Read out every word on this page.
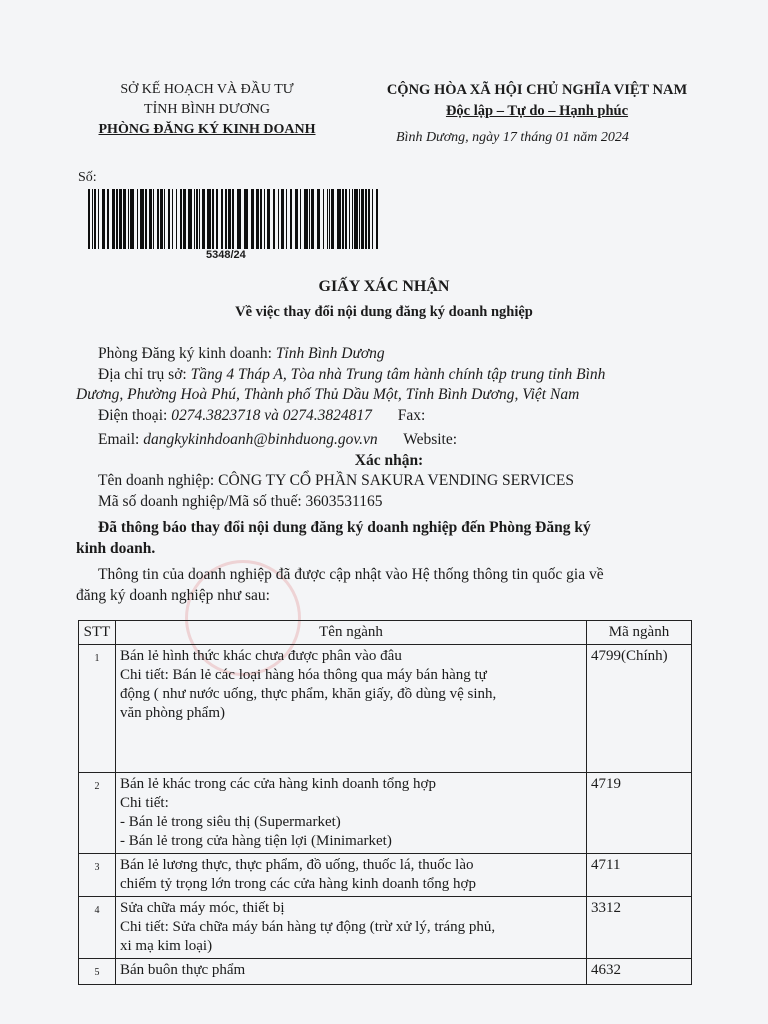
SỞ KẾ HOẠCH VÀ ĐẦU TƯ
TỈNH BÌNH DƯƠNG
PHÒNG ĐĂNG KÝ KINH DOANH
CỘNG HÒA XÃ HỘI CHỦ NGHĨA VIỆT NAM
Độc lập – Tự do – Hạnh phúc
Bình Dương, ngày 17 tháng 01 năm 2024
Số:
5348/24
GIẤY XÁC NHẬN
Về việc thay đổi nội dung đăng ký doanh nghiệp
Phòng Đăng ký kinh doanh: Tỉnh Bình Dương
Địa chỉ trụ sở: Tầng 4 Tháp A, Tòa nhà Trung tâm hành chính tập trung tỉnh Bình
Dương, Phường Hoà Phú, Thành phố Thủ Dầu Một, Tỉnh Bình Dương, Việt Nam
Điện thoại: 0274.3823718 và 0274.3824817 Fax:
Email: dangkykinhdoanh@binhduong.gov.vn Website:
Xác nhận:
Tên doanh nghiệp: CÔNG TY CỔ PHẦN SAKURA VENDING SERVICES
Mã số doanh nghiệp/Mã số thuế: 3603531165
Đã thông báo thay đổi nội dung đăng ký doanh nghiệp đến Phòng Đăng ký
kinh doanh.
Thông tin của doanh nghiệp đã được cập nhật vào Hệ thống thông tin quốc gia về
đăng ký doanh nghiệp như sau:
STT	Tên ngành	Mã ngành
1	Bán lẻ hình thức khác chưa được phân vào đâu
Chi tiết: Bán lẻ các loại hàng hóa thông qua máy bán hàng tự
động ( như nước uống, thực phẩm, khăn giấy, đồ dùng vệ sinh,
văn phòng phẩm)	4799(Chính)
2	Bán lẻ khác trong các cửa hàng kinh doanh tổng hợp
Chi tiết:
- Bán lẻ trong siêu thị (Supermarket)
- Bán lẻ trong cửa hàng tiện lợi (Minimarket)	4719
3	Bán lẻ lương thực, thực phẩm, đồ uống, thuốc lá, thuốc lào
chiếm tỷ trọng lớn trong các cửa hàng kinh doanh tổng hợp	4711
4	Sửa chữa máy móc, thiết bị
Chi tiết: Sửa chữa máy bán hàng tự động (trừ xử lý, tráng phủ,
xi mạ kim loại)	3312
5	Bán buôn thực phẩm	4632
